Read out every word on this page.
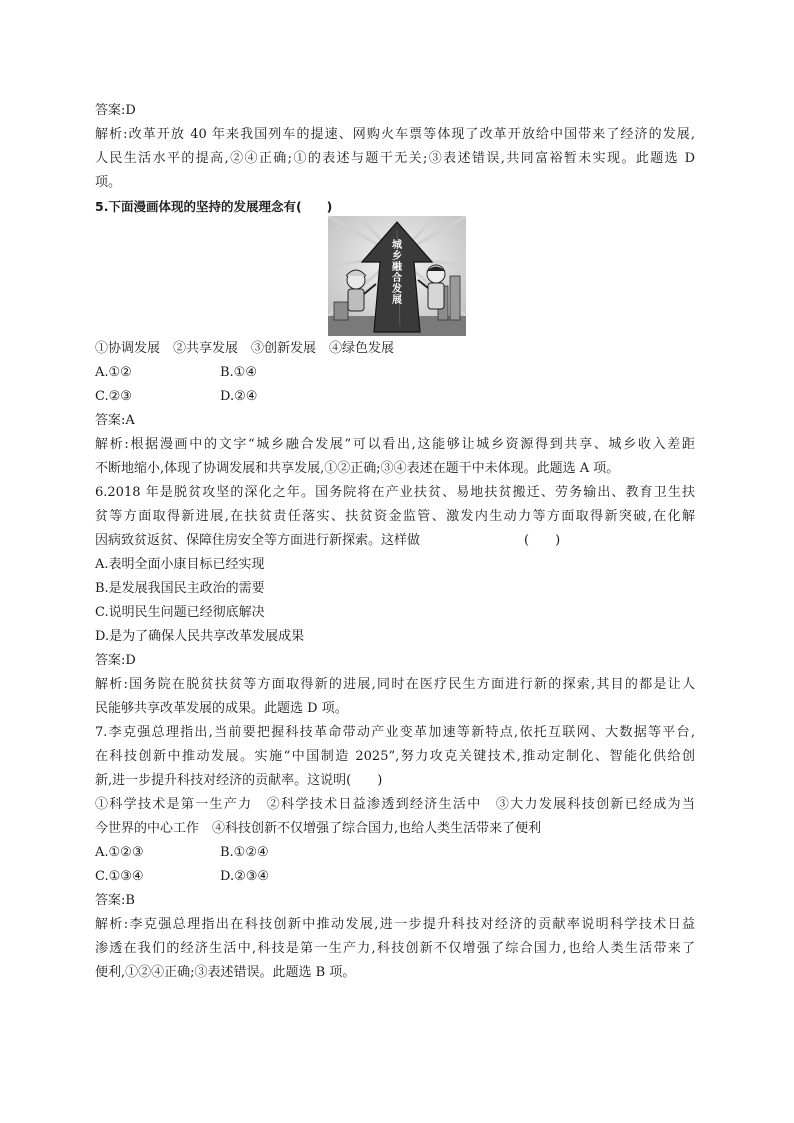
答案:D
解析:改革开放 40 年来我国列车的提速、网购火车票等体现了改革开放给中国带来了经济的发展,
人民生活水平的提高,②④正确;①的表述与题干无关;③表述错误,共同富裕暂未实现。此题选 D
项。
5.下面漫画体现的坚持的发展理念有(　　)
城乡融合发展
①协调发展　②共享发展　③创新发展　④绿色发展
A.①②	B.①④
C.②③	D.②④
答案:A
解析:根据漫画中的文字“城乡融合发展”可以看出,这能够让城乡资源得到共享、城乡收入差距
不断地缩小,体现了协调发展和共享发展,①②正确;③④表述在题干中未体现。此题选 A 项。
6.2018 年是脱贫攻坚的深化之年。国务院将在产业扶贫、易地扶贫搬迁、劳务输出、教育卫生扶
贫等方面取得新进展,在扶贫责任落实、扶贫资金监管、激发内生动力等方面取得新突破,在化解
因病致贫返贫、保障住房安全等方面进行新探索。这样做　　　　　　　　(　　)
A.表明全面小康目标已经实现
B.是发展我国民主政治的需要
C.说明民生问题已经彻底解决
D.是为了确保人民共享改革发展成果
答案:D
解析:国务院在脱贫扶贫等方面取得新的进展,同时在医疗民生方面进行新的探索,其目的都是让人
民能够共享改革发展的成果。此题选 D 项。
7.李克强总理指出,当前要把握科技革命带动产业变革加速等新特点,依托互联网、大数据等平台,
在科技创新中推动发展。实施“中国制造 2025”,努力攻克关键技术,推动定制化、智能化供给创
新,进一步提升科技对经济的贡献率。这说明(　　)
①科学技术是第一生产力　②科学技术日益渗透到经济生活中　③大力发展科技创新已经成为当
今世界的中心工作　④科技创新不仅增强了综合国力,也给人类生活带来了便利
A.①②③	B.①②④
C.①③④	D.②③④
答案:B
解析:李克强总理指出在科技创新中推动发展,进一步提升科技对经济的贡献率说明科学技术日益
渗透在我们的经济生活中,科技是第一生产力,科技创新不仅增强了综合国力,也给人类生活带来了
便利,①②④正确;③表述错误。此题选 B 项。
